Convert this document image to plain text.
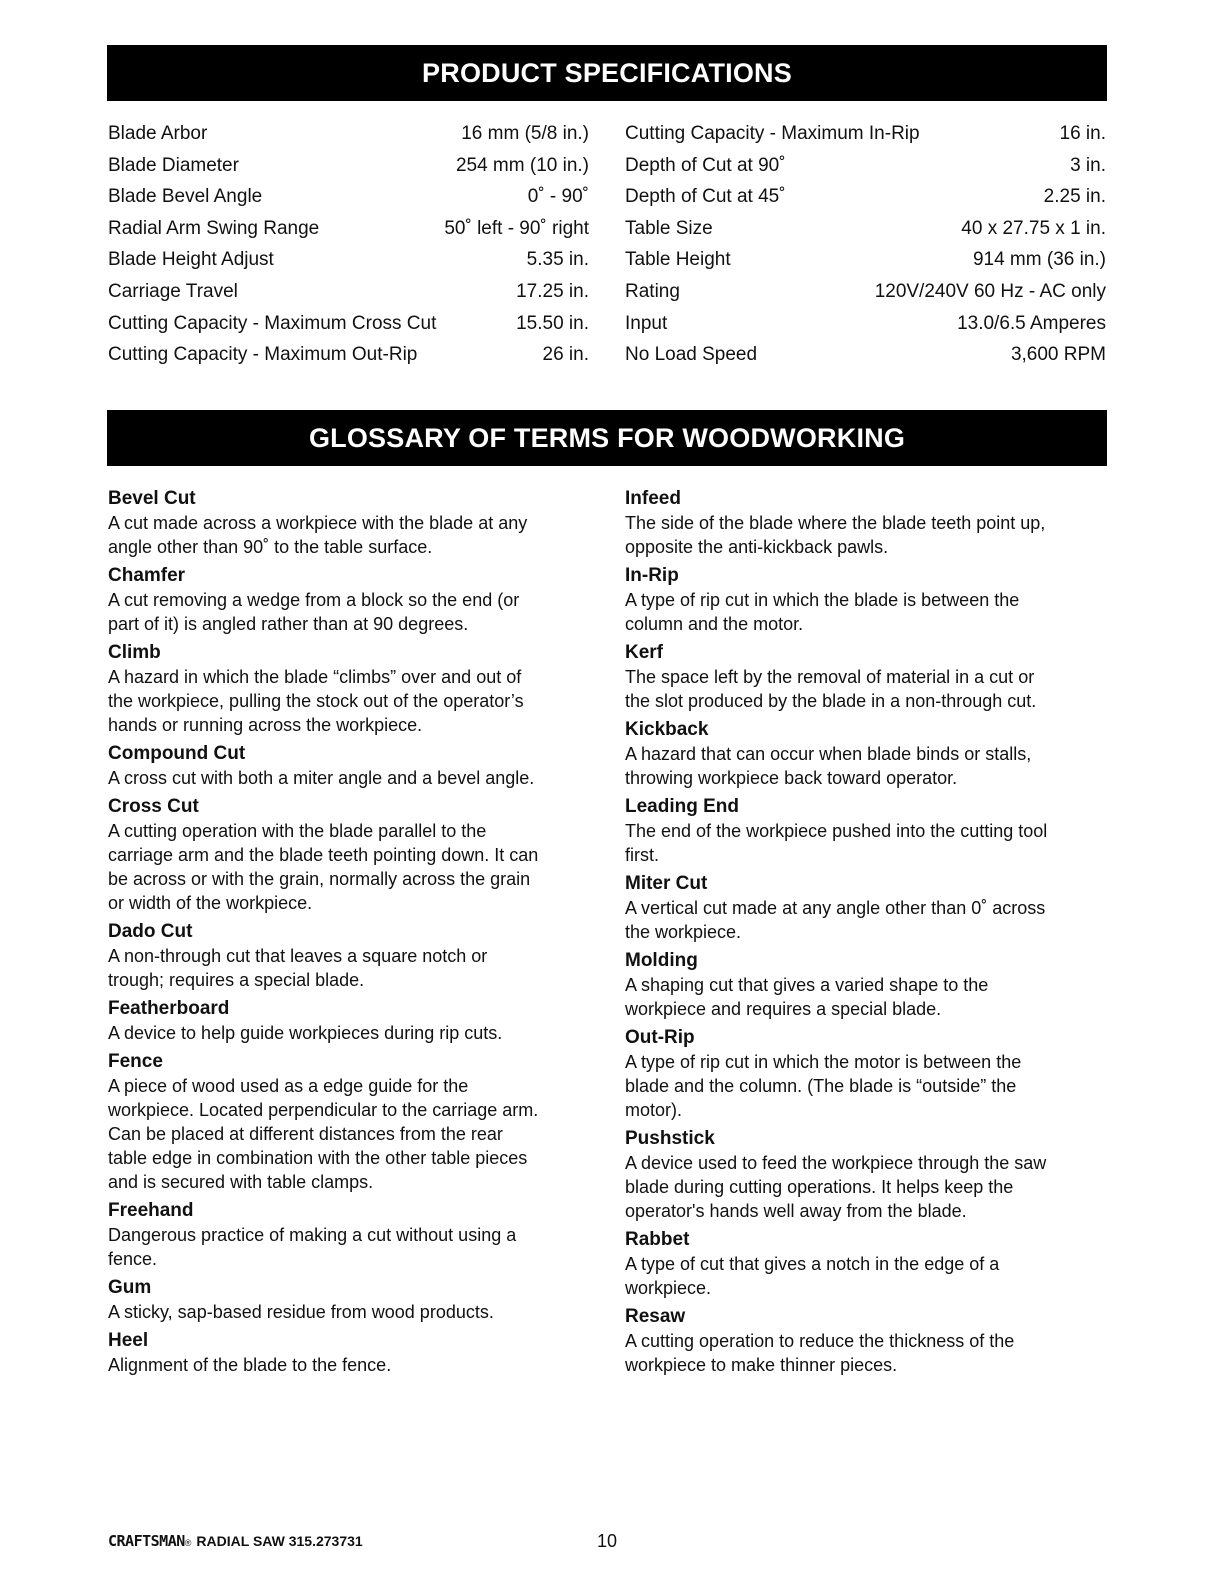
PRODUCT SPECIFICATIONS
Blade Arbor	16 mm (5/8 in.)
Blade Diameter	254 mm (10 in.)
Blade Bevel Angle	0˚ - 90˚
Radial Arm Swing Range	50˚ left - 90˚ right
Blade Height Adjust	5.35 in.
Carriage Travel	17.25 in.
Cutting Capacity - Maximum Cross Cut	15.50 in.
Cutting Capacity - Maximum Out-Rip	26 in.
Cutting Capacity - Maximum In-Rip	16 in.
Depth of Cut at 90˚	3 in.
Depth of Cut at 45˚	2.25 in.
Table Size	40 x 27.75 x 1 in.
Table Height	914 mm (36 in.)
Rating	120V/240V 60 Hz - AC only
Input	13.0/6.5 Amperes
No Load Speed	3,600 RPM
GLOSSARY OF TERMS FOR WOODWORKING
Bevel Cut
A cut made across a workpiece with the blade at any
angle other than 90˚ to the table surface.
Chamfer
A cut removing a wedge from a block so the end (or
part of it) is angled rather than at 90 degrees.
Climb
A hazard in which the blade “climbs” over and out of
the workpiece, pulling the stock out of the operator’s
hands or running across the workpiece.
Compound Cut
A cross cut with both a miter angle and a bevel angle.
Cross Cut
A cutting operation with the blade parallel to the
carriage arm and the blade teeth pointing down. It can
be across or with the grain, normally across the grain
or width of the workpiece.
Dado Cut
A non-through cut that leaves a square notch or
trough; requires a special blade.
Featherboard
A device to help guide workpieces during rip cuts.
Fence
A piece of wood used as a edge guide for the
workpiece. Located perpendicular to the carriage arm.
Can be placed at different distances from the rear
table edge in combination with the other table pieces
and is secured with table clamps.
Freehand
Dangerous practice of making a cut without using a
fence.
Gum
A sticky, sap-based residue from wood products.
Heel
Alignment of the blade to the fence.
Infeed
The side of the blade where the blade teeth point up,
opposite the anti-kickback pawls.
In-Rip
A type of rip cut in which the blade is between the
column and the motor.
Kerf
The space left by the removal of material in a cut or
the slot produced by the blade in a non-through cut.
Kickback
A hazard that can occur when blade binds or stalls,
throwing workpiece back toward operator.
Leading End
The end of the workpiece pushed into the cutting tool
first.
Miter Cut
A vertical cut made at any angle other than 0˚ across
the workpiece.
Molding
A shaping cut that gives a varied shape to the
workpiece and requires a special blade.
Out-Rip
A type of rip cut in which the motor is between the
blade and the column. (The blade is “outside” the
motor).
Pushstick
A device used to feed the workpiece through the saw
blade during cutting operations. It helps keep the
operator's hands well away from the blade.
Rabbet
A type of cut that gives a notch in the edge of a
workpiece.
Resaw
A cutting operation to reduce the thickness of the
workpiece to make thinner pieces.
CRAFTSMAN ® RADIAL SAW 315.273731	10
